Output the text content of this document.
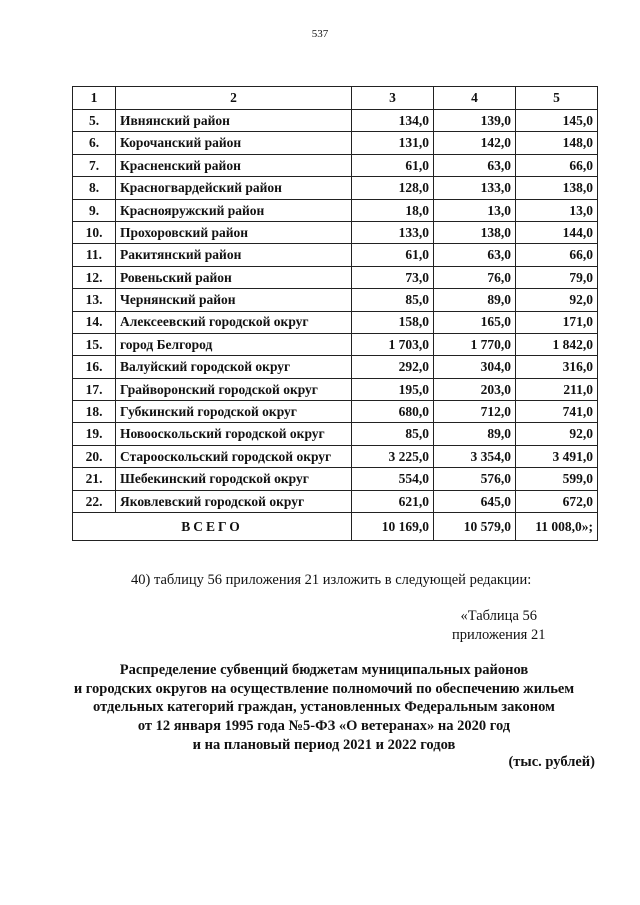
537
1	2	3	4	5
5.	Ивнянский район	134,0	139,0	145,0
6.	Корочанский район	131,0	142,0	148,0
7.	Красненский район	61,0	63,0	66,0
8.	Красногвардейский район	128,0	133,0	138,0
9.	Краснояружский район	18,0	13,0	13,0
10.	Прохоровский район	133,0	138,0	144,0
11.	Ракитянский район	61,0	63,0	66,0
12.	Ровеньский район	73,0	76,0	79,0
13.	Чернянский район	85,0	89,0	92,0
14.	Алексеевский городской округ	158,0	165,0	171,0
15.	город Белгород	1 703,0	1 770,0	1 842,0
16.	Валуйский городской округ	292,0	304,0	316,0
17.	Грайворонский городской округ	195,0	203,0	211,0
18.	Губкинский городской округ	680,0	712,0	741,0
19.	Новооскольский городской округ	85,0	89,0	92,0
20.	Старооскольский городской округ	3 225,0	3 354,0	3 491,0
21.	Шебекинский городской округ	554,0	576,0	599,0
22.	Яковлевский городской округ	621,0	645,0	672,0
ВСЕГО		10 169,0	10 579,0	11 008,0»;
40) таблицу 56 приложения 21 изложить в следующей редакции:
«Таблица 56
приложения 21
Распределение субвенций бюджетам муниципальных районов
и городских округов на осуществление полномочий по обеспечению жильем
отдельных категорий граждан, установленных Федеральным законом
от 12 января 1995 года №5-ФЗ «О ветеранах» на 2020 год
и на плановый период 2021 и 2022 годов
(тыс. рублей)
